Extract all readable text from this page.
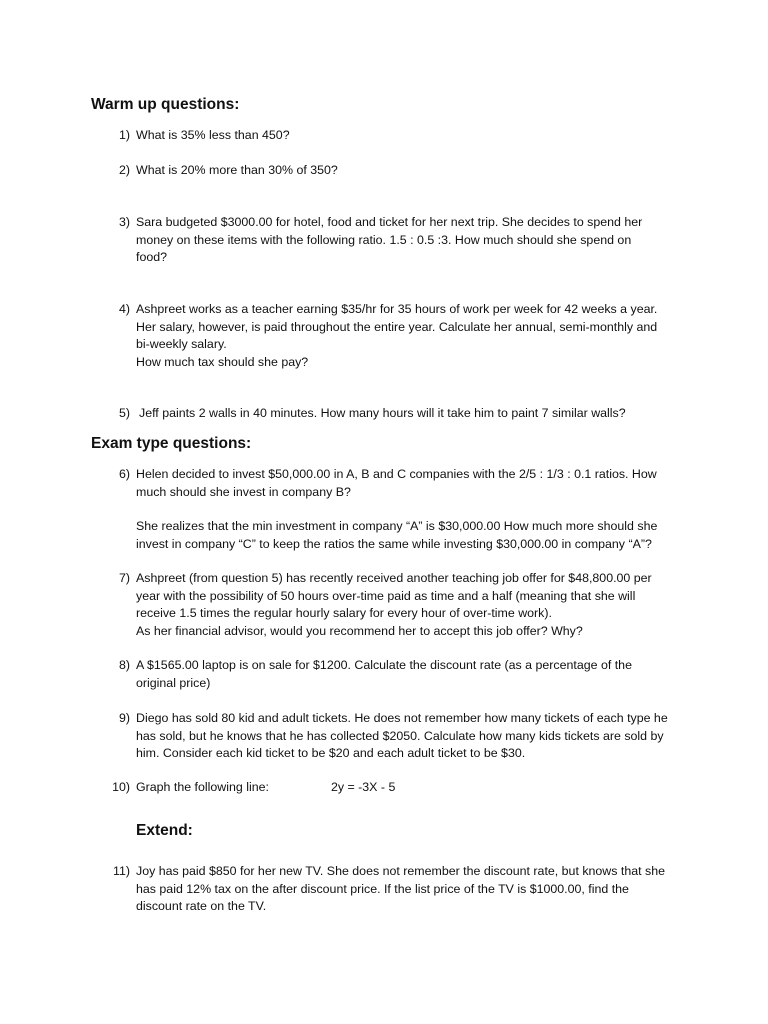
Warm up questions:
1) What is 35% less than 450?
2) What is 20% more than 30% of 350?
3) Sara budgeted $3000.00 for hotel, food and ticket for her next trip. She decides to spend her
money on these items with the following ratio. 1.5 : 0.5 :3. How much should she spend on
food?
4) Ashpreet works as a teacher earning $35/hr for 35 hours of work per week for 42 weeks a year.
Her salary, however, is paid throughout the entire year. Calculate her annual, semi-monthly and
bi-weekly salary.
How much tax should she pay?
5) Jeff paints 2 walls in 40 minutes. How many hours will it take him to paint 7 similar walls?
Exam type questions:
6) Helen decided to invest $50,000.00 in A, B and C companies with the 2/5 : 1/3 : 0.1 ratios. How
much should she invest in company B?
She realizes that the min investment in company “A” is $30,000.00 How much more should she
invest in company “C” to keep the ratios the same while investing $30,000.00 in company “A”?
7) Ashpreet (from question 5) has recently received another teaching job offer for $48,800.00 per
year with the possibility of 50 hours over-time paid as time and a half (meaning that she will
receive 1.5 times the regular hourly salary for every hour of over-time work).
As her financial advisor, would you recommend her to accept this job offer? Why?
8) A $1565.00 laptop is on sale for $1200. Calculate the discount rate (as a percentage of the
original price)
9) Diego has sold 80 kid and adult tickets. He does not remember how many tickets of each type he
has sold, but he knows that he has collected $2050. Calculate how many kids tickets are sold by
him. Consider each kid ticket to be $20 and each adult ticket to be $30.
10) Graph the following line:	2y = -3X - 5
Extend:
11) Joy has paid $850 for her new TV. She does not remember the discount rate, but knows that she
has paid 12% tax on the after discount price. If the list price of the TV is $1000.00, find the
discount rate on the TV.
